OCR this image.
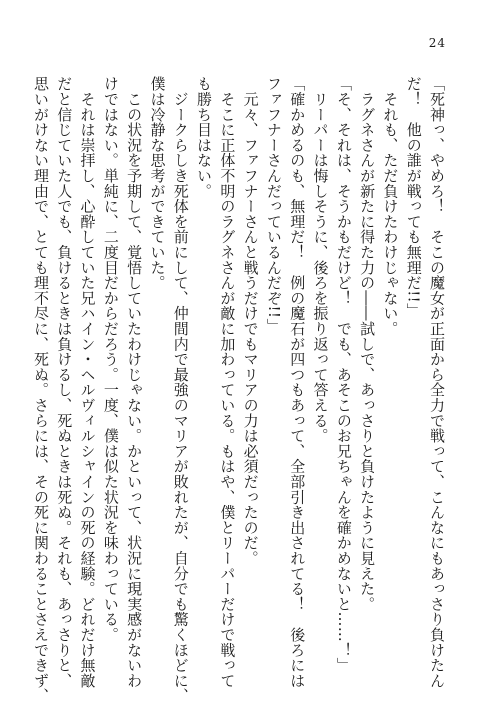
24
「死神っ、やめろ！　そこの魔女が正面から全力で戦って、こんなにもあっさり負けたん
だ！　他の誰が戦っても無理だ!!」
　それも、ただ負けたわけじゃない。
　ラグネさんが新たに得た力の――試しで、あっさりと負けたように見えた。
「そ、それは、そうかもだけど！　でも、あそこのお兄ちゃんを確かめないと……！」
　リーパーは悔しそうに、後ろを振り返って答える。
「確かめるのも、無理だ！　例の魔石が四つもあって、全部引き出されてる！　後ろには
ファフナーさんだっているんだぞ!!」
　元々、ファフナーさんと戦うだけでもマリアの力は必須だったのだ。
　そこに正体不明のラグネさんが敵に加わっている。もはや、僕とリーパーだけで戦って
も勝ち目はない。
　ジークらしき死体を前にして、仲間内で最強のマリアが敗れたが、自分でも驚くほどに、
僕は冷静な思考ができていた。
　この状況を予期して、覚悟していたわけじゃない。かといって、状況に現実感がないわ
けではない。単純に、二度目だからだろう。一度、僕は似た状況を味わっている。
　それは崇拝し、心酔していた兄ハイン・ヘルヴィルシャインの死の経験。どれだけ無敵
だと信じていた人でも、負けるときは負けるし、死ぬときは死ぬ。それも、あっさりと、
思いがけない理由で、とても理不尽に、死ぬ。さらには、その死に関わることさえできず、
